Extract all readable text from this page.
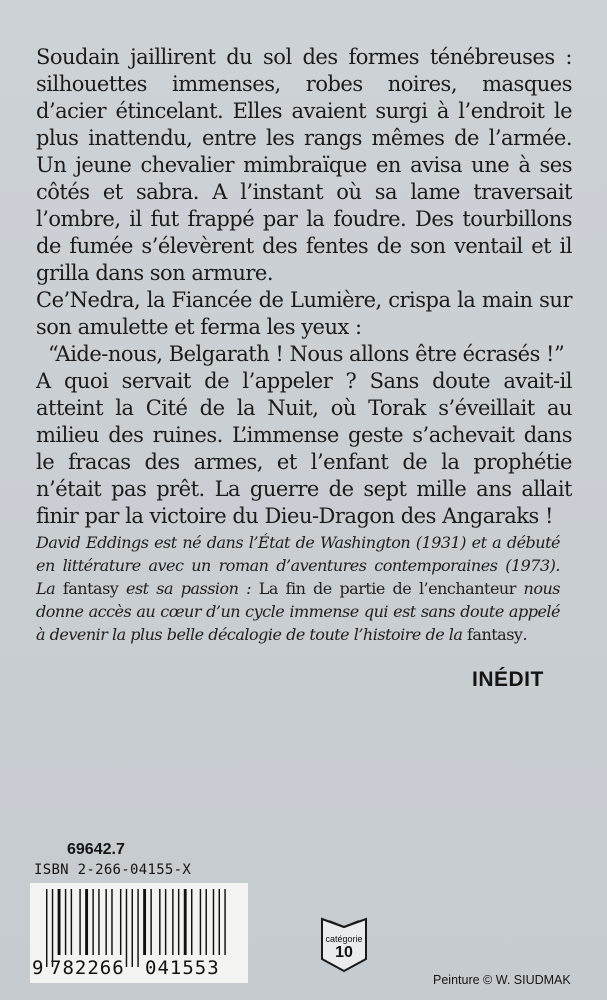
Soudain jaillirent du sol des formes ténébreuses : silhouettes immenses, robes noires, masques d’acier étincelant. Elles avaient surgi à l’endroit le plus inattendu, entre les rangs mêmes de l’armée. Un jeune chevalier mimbraïque en avisa une à ses côtés et sabra. A l’instant où sa lame traversait l’ombre, il fut frappé par la foudre. Des tourbillons de fumée s’élevèrent des fentes de son ventail et il grilla dans son armure.

Ce’Nedra, la Fiancée de Lumière, crispa la main sur son amulette et ferma les yeux :

“Aide-nous, Belgarath ! Nous allons être écrasés !”

A quoi servait de l’appeler ? Sans doute avait-il atteint la Cité de la Nuit, où Torak s’éveillait au milieu des ruines. L’immense geste s’achevait dans le fracas des armes, et l’enfant de la prophétie n’était pas prêt. La guerre de sept mille ans allait finir par la victoire du Dieu-Dragon des Angaraks !

David Eddings est né dans l’État de Washington (1931) et a débuté en littérature avec un roman d’aventures contemporaines (1973). La fantasy est sa passion : La fin de partie de l’enchanteur nous donne accès au cœur d’un cycle immense qui est sans doute appelé à devenir la plus belle décalogie de toute l’histoire de la fantasy.
INÉDIT
69642.7
ISBN 2-266-04155-X
9 782266 041553
catégorie
10
Peinture © W. SIUDMAK
